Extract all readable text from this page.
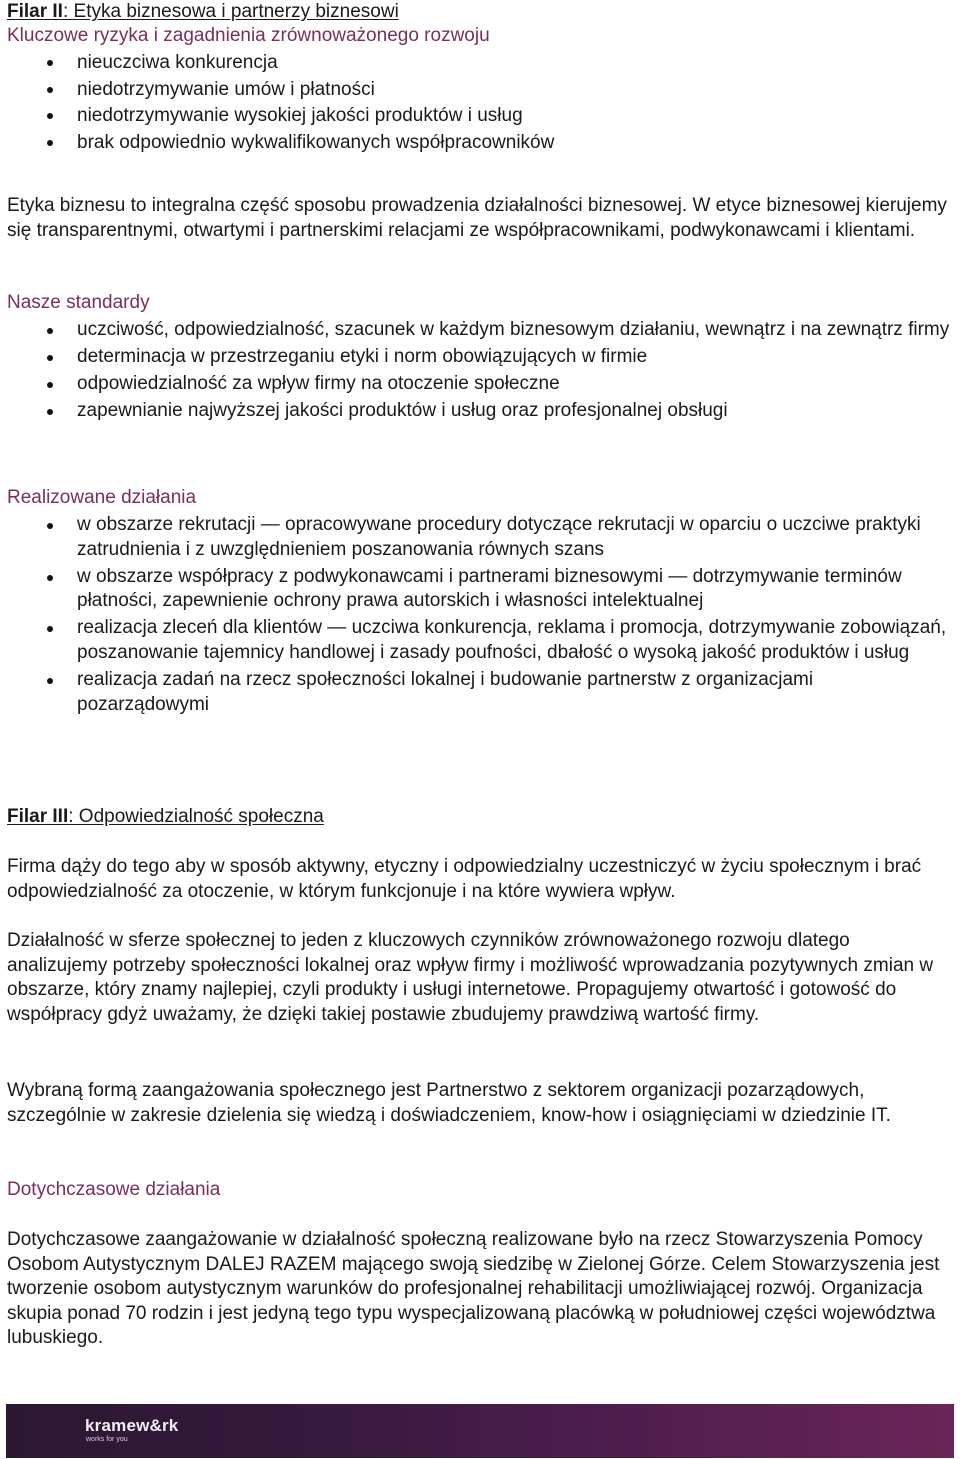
Filar II: Etyka biznesowa i partnerzy biznesowi
Kluczowe ryzyka i zagadnienia zrównoważonego rozwoju
nieuczciwa konkurencja
niedotrzymywanie umów i płatności
niedotrzymywanie wysokiej jakości produktów i usług
brak odpowiednio wykwalifikowanych współpracowników
Etyka biznesu to integralna część sposobu prowadzenia działalności biznesowej. W etyce biznesowej kierujemy się transparentnymi, otwartymi i partnerskimi relacjami ze współpracownikami, podwykonawcami i klientami.
Nasze standardy
uczciwość, odpowiedzialność, szacunek w każdym biznesowym działaniu, wewnątrz i na zewnątrz firmy
determinacja w przestrzeganiu etyki i norm obowiązujących w firmie
odpowiedzialność za wpływ firmy na otoczenie społeczne
zapewnianie najwyższej jakości produktów i usług oraz profesjonalnej obsługi
Realizowane działania
w obszarze rekrutacji — opracowywane procedury dotyczące rekrutacji w oparciu o uczciwe praktyki zatrudnienia i z uwzględnieniem poszanowania równych szans
w obszarze współpracy z podwykonawcami i partnerami biznesowymi — dotrzymywanie terminów płatności, zapewnienie ochrony prawa autorskich i własności intelektualnej
realizacja zleceń dla klientów — uczciwa konkurencja, reklama i promocja, dotrzymywanie zobowiązań, poszanowanie tajemnicy handlowej i zasady poufności, dbałość o wysoką jakość produktów i usług
realizacja zadań na rzecz społeczności lokalnej i budowanie partnerstw z organizacjami pozarządowymi
Filar III: Odpowiedzialność społeczna
Firma dąży do tego aby w sposób aktywny, etyczny i odpowiedzialny uczestniczyć w życiu społecznym i brać odpowiedzialność za otoczenie, w którym funkcjonuje i na które wywiera wpływ.
Działalność w sferze społecznej to jeden z kluczowych czynników zrównoważonego rozwoju dlatego analizujemy potrzeby społeczności lokalnej oraz wpływ firmy i możliwość wprowadzania pozytywnych zmian w obszarze, który znamy najlepiej, czyli produkty i usługi internetowe. Propagujemy otwartość i gotowość do współpracy gdyż uważamy, że dzięki takiej postawie zbudujemy prawdziwą wartość firmy.
Wybraną formą zaangażowania społecznego jest Partnerstwo z sektorem organizacji pozarządowych, szczególnie w zakresie dzielenia się wiedzą i doświadczeniem, know-how i osiągnięciami w dziedzinie IT.
Dotychczasowe działania
Dotychczasowe zaangażowanie w działalność społeczną realizowane było na rzecz Stowarzyszenia Pomocy Osobom Autystycznym DALEJ RAZEM mającego swoją siedzibę w Zielonej Górze. Celem Stowarzyszenia jest tworzenie osobom autystycznym warunków do profesjonalnej rehabilitacji umożliwiającej rozwój. Organizacja skupia ponad 70 rodzin i jest jedyną tego typu wyspecjalizowaną placówką w południowej części województwa lubuskiego.
kramew&rk
works for you
